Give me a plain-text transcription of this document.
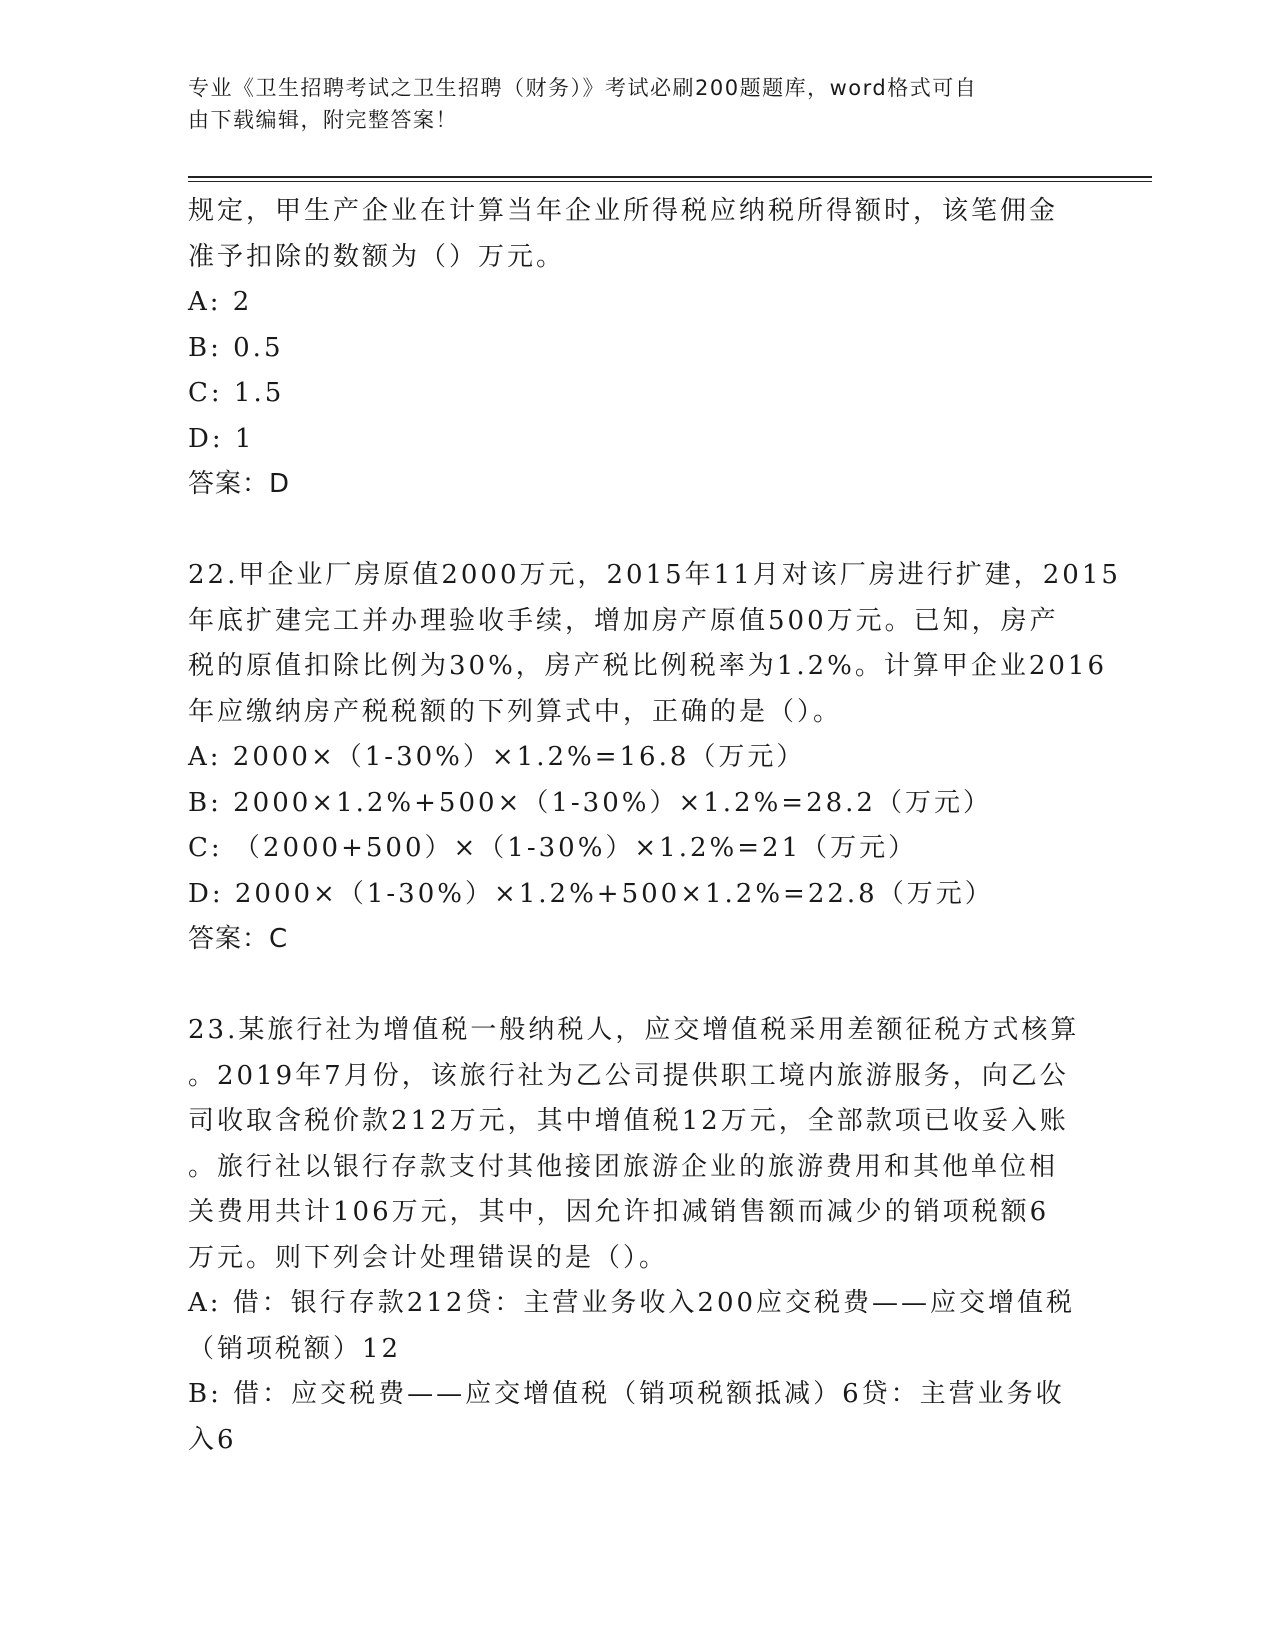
专业《卫生招聘考试之卫生招聘（财务）》考试必刷200题题库，word格式可自
由下载编辑，附完整答案！
规定，甲生产企业在计算当年企业所得税应纳税所得额时，该笔佣金
准予扣除的数额为（）万元。
A: 2
B: 0.5
C: 1.5
D: 1
答案：D
22.甲企业厂房原值2000万元，2015年11月对该厂房进行扩建，2015
年底扩建完工并办理验收手续，增加房产原值500万元。已知，房产
税的原值扣除比例为30%，房产税比例税率为1.2%。计算甲企业2016
年应缴纳房产税税额的下列算式中，正确的是（）。
A: 2000×（1-30%）×1.2%=16.8（万元）
B: 2000×1.2%+500×（1-30%）×1.2%=28.2（万元）
C: （2000+500）×（1-30%）×1.2%=21（万元）
D: 2000×（1-30%）×1.2%+500×1.2%=22.8（万元）
答案：C
23.某旅行社为增值税一般纳税人，应交增值税采用差额征税方式核算
。2019年7月份，该旅行社为乙公司提供职工境内旅游服务，向乙公
司收取含税价款212万元，其中增值税12万元，全部款项已收妥入账
。旅行社以银行存款支付其他接团旅游企业的旅游费用和其他单位相
关费用共计106万元，其中，因允许扣减销售额而减少的销项税额6
万元。则下列会计处理错误的是（）。
A: 借：银行存款212贷：主营业务收入200应交税费——应交增值税
（销项税额）12
B: 借：应交税费——应交增值税（销项税额抵减）6贷：主营业务收
入6
